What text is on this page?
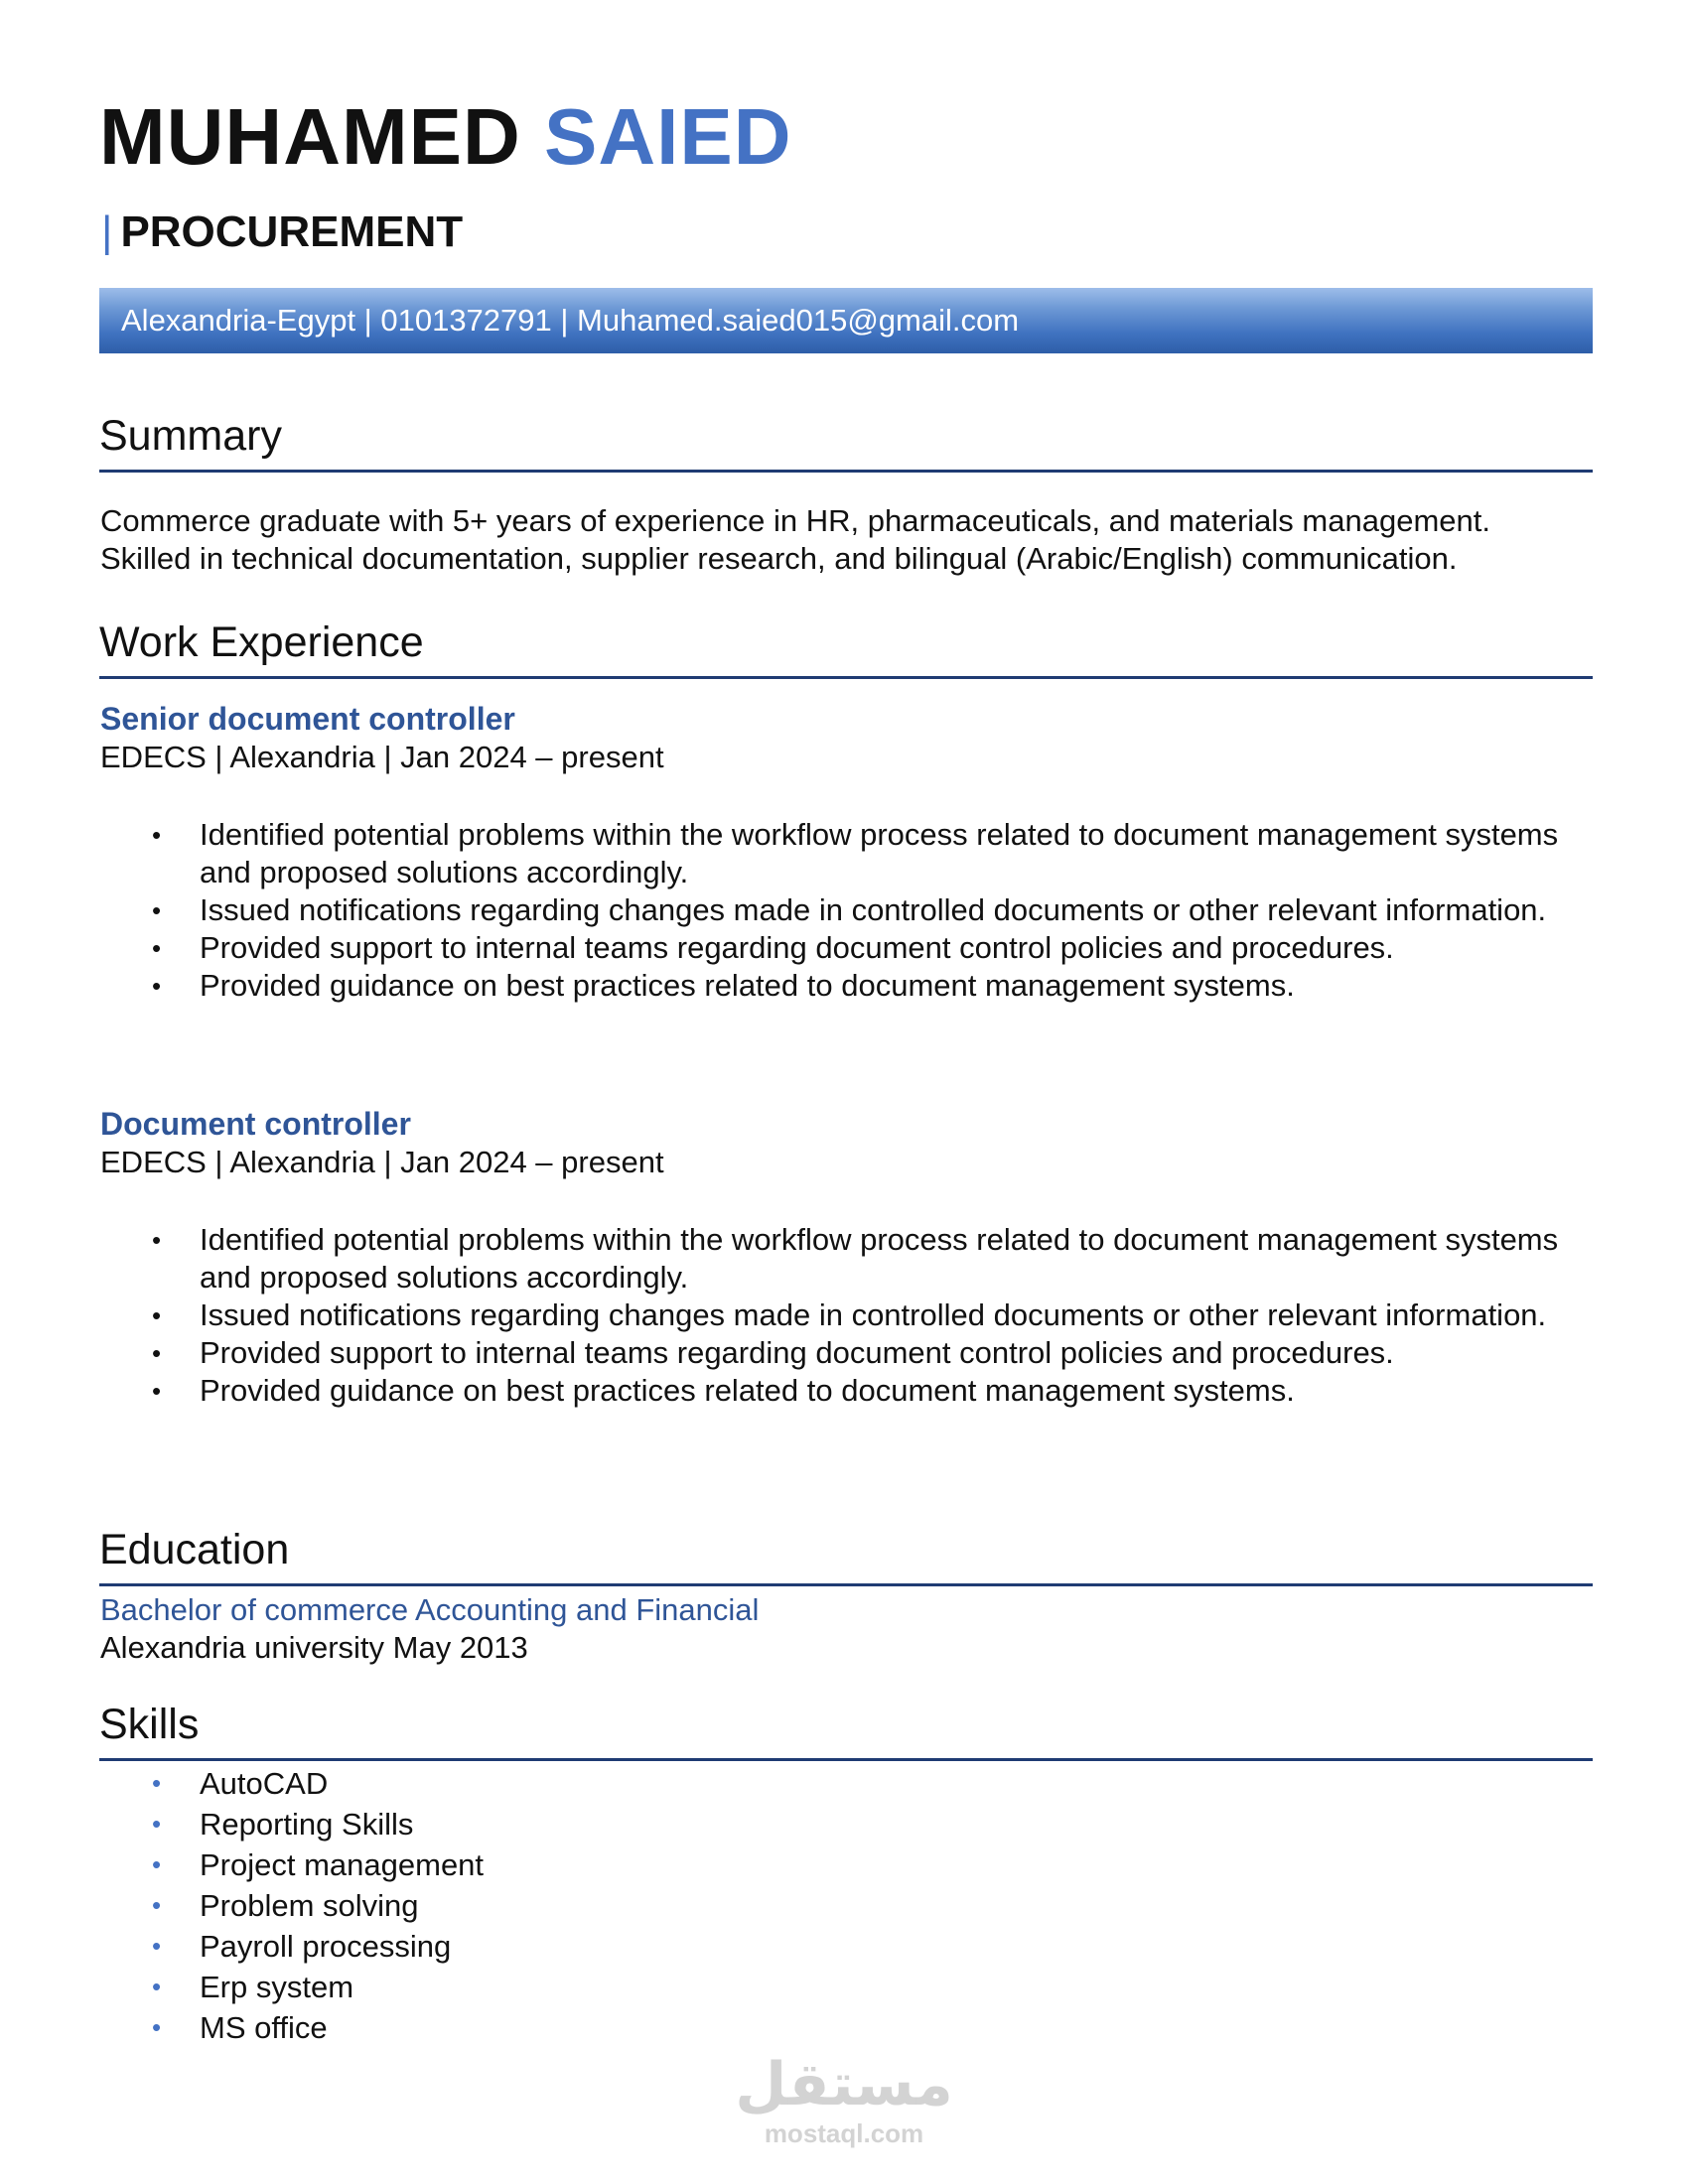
MUHAMED SAIED
| PROCUREMENT
Alexandria-Egypt | 0101372791 | Muhamed.saied015@gmail.com
Summary
Commerce graduate with 5+ years of experience in HR, pharmaceuticals, and materials management.
Skilled in technical documentation, supplier research, and bilingual (Arabic/English) communication.
Work Experience
Senior document controller
EDECS | Alexandria | Jan 2024 – present
• Identified potential problems within the workflow process related to document management systems and proposed solutions accordingly.
• Issued notifications regarding changes made in controlled documents or other relevant information.
• Provided support to internal teams regarding document control policies and procedures.
• Provided guidance on best practices related to document management systems.
Document controller
EDECS | Alexandria | Jan 2024 – present
• Identified potential problems within the workflow process related to document management systems and proposed solutions accordingly.
• Issued notifications regarding changes made in controlled documents or other relevant information.
• Provided support to internal teams regarding document control policies and procedures.
• Provided guidance on best practices related to document management systems.
Education
Bachelor of commerce Accounting and Financial
Alexandria university May 2013
Skills
• AutoCAD
• Reporting Skills
• Project management
• Problem solving
• Payroll processing
• Erp system
• MS office
مستقل
mostaql.com
